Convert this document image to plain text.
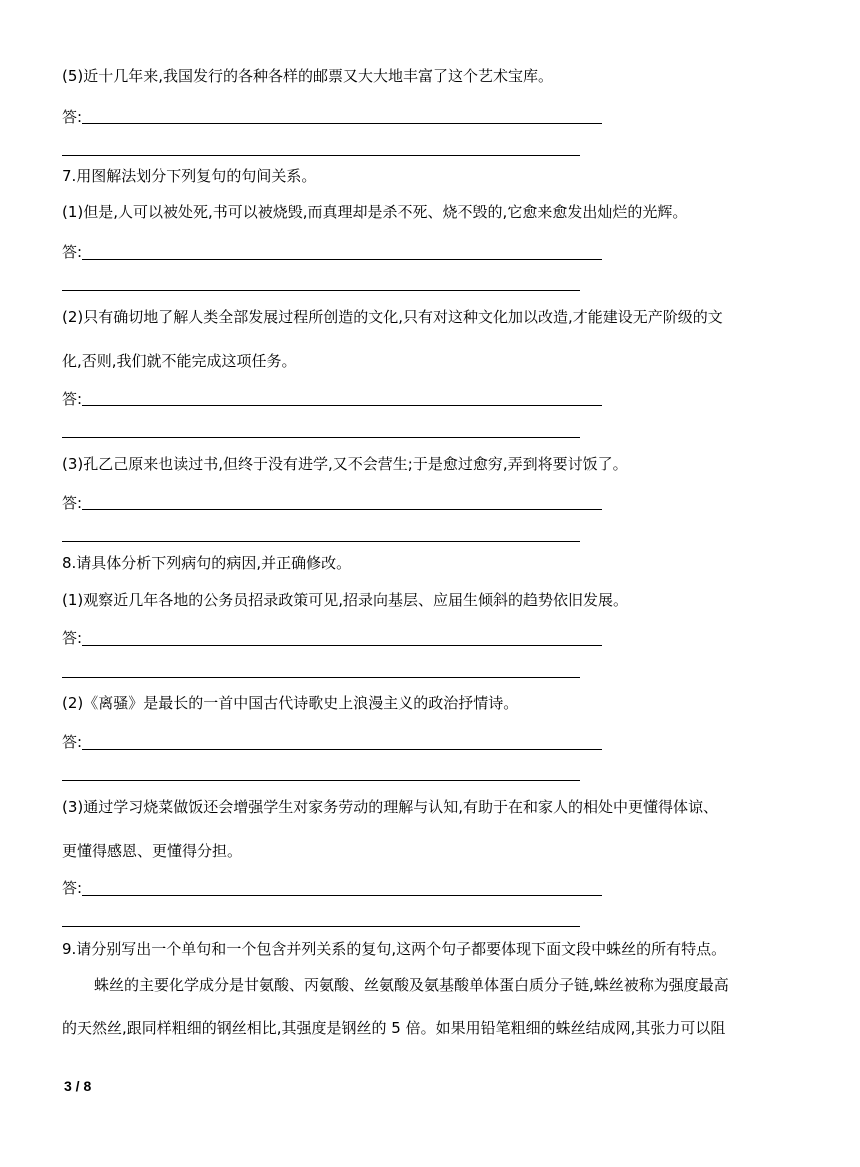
(5)近十几年来,我国发行的各种各样的邮票又大大地丰富了这个艺术宝库。
答:
7.用图解法划分下列复句的句间关系。
(1)但是,人可以被处死,书可以被烧毁,而真理却是杀不死、烧不毁的,它愈来愈发出灿烂的光辉。
答:
(2)只有确切地了解人类全部发展过程所创造的文化,只有对这种文化加以改造,才能建设无产阶级的文
化,否则,我们就不能完成这项任务。
答:
(3)孔乙己原来也读过书,但终于没有进学,又不会营生;于是愈过愈穷,弄到将要讨饭了。
答:
8.请具体分析下列病句的病因,并正确修改。
(1)观察近几年各地的公务员招录政策可见,招录向基层、应届生倾斜的趋势依旧发展。
答:
(2)《离骚》是最长的一首中国古代诗歌史上浪漫主义的政治抒情诗。
答:
(3)通过学习烧菜做饭还会增强学生对家务劳动的理解与认知,有助于在和家人的相处中更懂得体谅、
更懂得感恩、更懂得分担。
答:
9.请分别写出一个单句和一个包含并列关系的复句,这两个句子都要体现下面文段中蛛丝的所有特点。
蛛丝的主要化学成分是甘氨酸、丙氨酸、丝氨酸及氨基酸单体蛋白质分子链,蛛丝被称为强度最高
的天然丝,跟同样粗细的钢丝相比,其强度是钢丝的 5 倍。如果用铅笔粗细的蛛丝结成网,其张力可以阻
3 / 8
